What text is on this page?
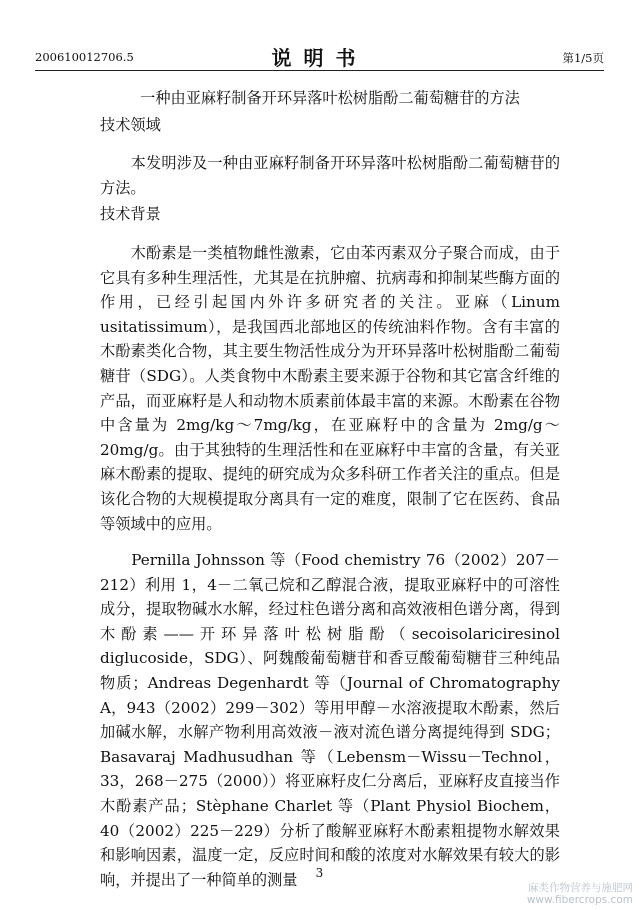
200610012706.5	说明书	第1/5页
一种由亚麻籽制备开环异落叶松树脂酚二葡萄糖苷的方法
技术领域

　　本发明涉及一种由亚麻籽制备开环异落叶松树脂酚二葡萄糖苷的方法。

技术背景

　　木酚素是一类植物雌性激素，它由苯丙素双分子聚合而成，由于它具有多种生理活性，尤其是在抗肿瘤、抗病毒和抑制某些酶方面的作用，已经引起国内外许多研究者的关注。亚麻（Linum usitatissimum），是我国西北部地区的传统油料作物。含有丰富的木酚素类化合物，其主要生物活性成分为开环异落叶松树脂酚二葡萄糖苷（SDG）。人类食物中木酚素主要来源于谷物和其它富含纤维的产品，而亚麻籽是人和动物木质素前体最丰富的来源。木酚素在谷物中含量为 2mg/kg～7mg/kg，在亚麻籽中的含量为 2mg/g～20mg/g。由于其独特的生理活性和在亚麻籽中丰富的含量，有关亚麻木酚素的提取、提纯的研究成为众多科研工作者关注的重点。但是该化合物的大规模提取分离具有一定的难度，限制了它在医药、食品等领域中的应用。

　　Pernilla Johnsson 等（Food chemistry 76（2002）207－212）利用 1，4－二氧己烷和乙醇混合液，提取亚麻籽中的可溶性成分，提取物碱水水解，经过柱色谱分离和高效液相色谱分离，得到木酚素——开环异落叶松树脂酚（secoisolariciresinol diglucoside，SDG）、阿魏酸葡萄糖苷和香豆酸葡萄糖苷三种纯品物质；Andreas Degenhardt 等（Journal of Chromatography A，943（2002）299－302）等用甲醇－水溶液提取木酚素，然后加碱水解，水解产物利用高效液－液对流色谱分离提纯得到 SDG；Basavaraj Madhusudhan 等（Lebensm－Wissu－Technol，33，268－275（2000））将亚麻籽皮仁分离后，亚麻籽皮直接当作木酚素产品；Stèphane Charlet 等（Plant Physiol Biochem，40（2002）225－229）分析了酸解亚麻籽木酚素粗提物水解效果和影响因素，温度一定，反应时间和酸的浓度对水解效果有较大的影响，并提出了一种简单的测量	3
麻类作物营养与施肥网
www.fibercrops.com
